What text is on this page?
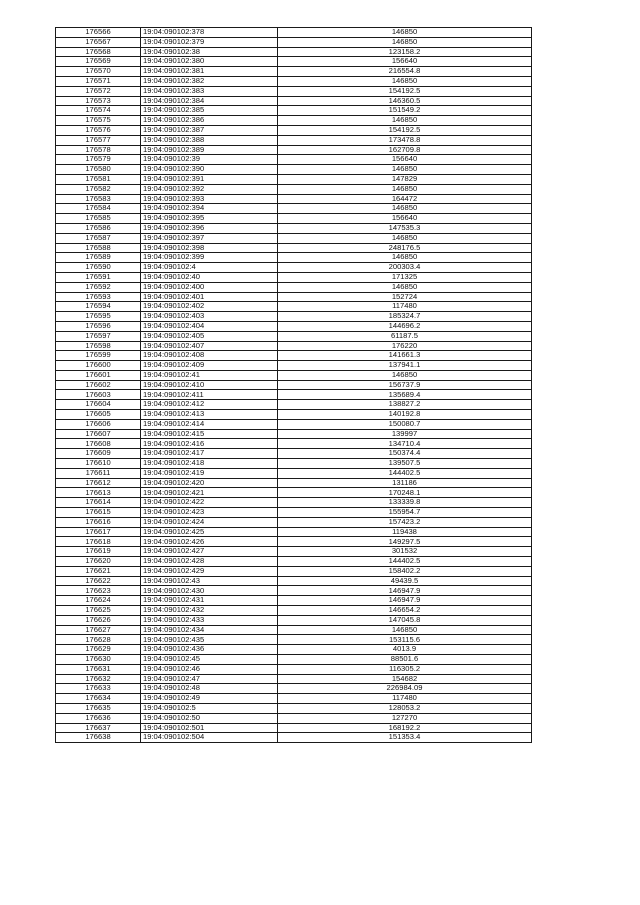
176566	19:04:090102:378	146850
176567	19:04:090102:379	146850
176568	19:04:090102:38	123158.2
176569	19:04:090102:380	156640
176570	19:04:090102:381	216554.8
176571	19:04:090102:382	146850
176572	19:04:090102:383	154192.5
176573	19:04:090102:384	146360.5
176574	19:04:090102:385	151549.2
176575	19:04:090102:386	146850
176576	19:04:090102:387	154192.5
176577	19:04:090102:388	173478.8
176578	19:04:090102:389	162709.8
176579	19:04:090102:39	156640
176580	19:04:090102:390	146850
176581	19:04:090102:391	147829
176582	19:04:090102:392	146850
176583	19:04:090102:393	164472
176584	19:04:090102:394	146850
176585	19:04:090102:395	156640
176586	19:04:090102:396	147535.3
176587	19:04:090102:397	146850
176588	19:04:090102:398	248176.5
176589	19:04:090102:399	146850
176590	19:04:090102:4	200303.4
176591	19:04:090102:40	171325
176592	19:04:090102:400	146850
176593	19:04:090102:401	152724
176594	19:04:090102:402	117480
176595	19:04:090102:403	185324.7
176596	19:04:090102:404	144696.2
176597	19:04:090102:405	61187.5
176598	19:04:090102:407	176220
176599	19:04:090102:408	141661.3
176600	19:04:090102:409	137941.1
176601	19:04:090102:41	146850
176602	19:04:090102:410	156737.9
176603	19:04:090102:411	135689.4
176604	19:04:090102:412	138827.2
176605	19:04:090102:413	140192.8
176606	19:04:090102:414	150080.7
176607	19:04:090102:415	139997
176608	19:04:090102:416	134710.4
176609	19:04:090102:417	150374.4
176610	19:04:090102:418	139507.5
176611	19:04:090102:419	144402.5
176612	19:04:090102:420	131186
176613	19:04:090102:421	170248.1
176614	19:04:090102:422	133339.8
176615	19:04:090102:423	155954.7
176616	19:04:090102:424	157423.2
176617	19:04:090102:425	119438
176618	19:04:090102:426	149297.5
176619	19:04:090102:427	301532
176620	19:04:090102:428	144402.5
176621	19:04:090102:429	158402.2
176622	19:04:090102:43	49439.5
176623	19:04:090102:430	146947.9
176624	19:04:090102:431	146947.9
176625	19:04:090102:432	146654.2
176626	19:04:090102:433	147045.8
176627	19:04:090102:434	146850
176628	19:04:090102:435	153115.6
176629	19:04:090102:436	4013.9
176630	19:04:090102:45	88501.6
176631	19:04:090102:46	116305.2
176632	19:04:090102:47	154682
176633	19:04:090102:48	226984.09
176634	19:04:090102:49	117480
176635	19:04:090102:5	128053.2
176636	19:04:090102:50	127270
176637	19:04:090102:501	168192.2
176638	19:04:090102:504	151353.4
